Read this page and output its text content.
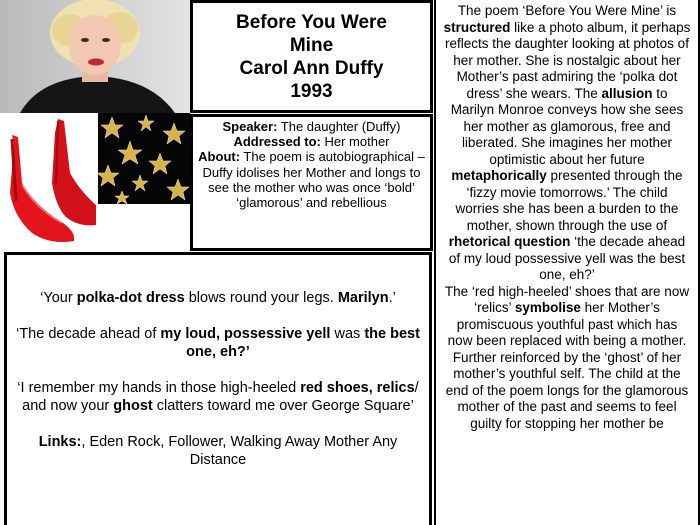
Before You Were
Mine
Carol Ann Duffy
1993

Speaker: The daughter (Duffy)

Addressed to: Her mother

About: The poem is autobiographical – Duffy idolises her Mother and longs to see the mother who was once ‘bold’ ‘glamorous’ and rebellious

‘Your polka-dot dress blows round your legs. Marilyn.’

‘The decade ahead of my loud, possessive yell was the best one, eh?’

‘I remember my hands in those high-heeled red shoes, relics/ and now your ghost clatters toward me over George Square’

Links:, Eden Rock, Follower, Walking Away Mother Any Distance

The poem ‘Before You Were Mine’ is structured like a photo album, it perhaps reflects the daughter looking at photos of her mother. She is nostalgic about her Mother’s past admiring the ‘polka dot dress’ she wears. The allusion to Marilyn Monroe conveys how she sees her mother as glamorous, free and liberated. She imagines her mother optimistic about her future metaphorically presented through the ‘fizzy movie tomorrows.’ The child worries she has been a burden to the mother, shown through the use of rhetorical question ‘the decade ahead of my loud possessive yell was the best one, eh?’

The ‘red high-heeled’ shoes that are now ‘relics’ symbolise her Mother’s promiscuous youthful past which has now been replaced with being a mother. Further reinforced by the ‘ghost’ of her mother’s youthful self. The child at the end of the poem longs for the glamorous mother of the past and seems to feel guilty for stopping her mother be
